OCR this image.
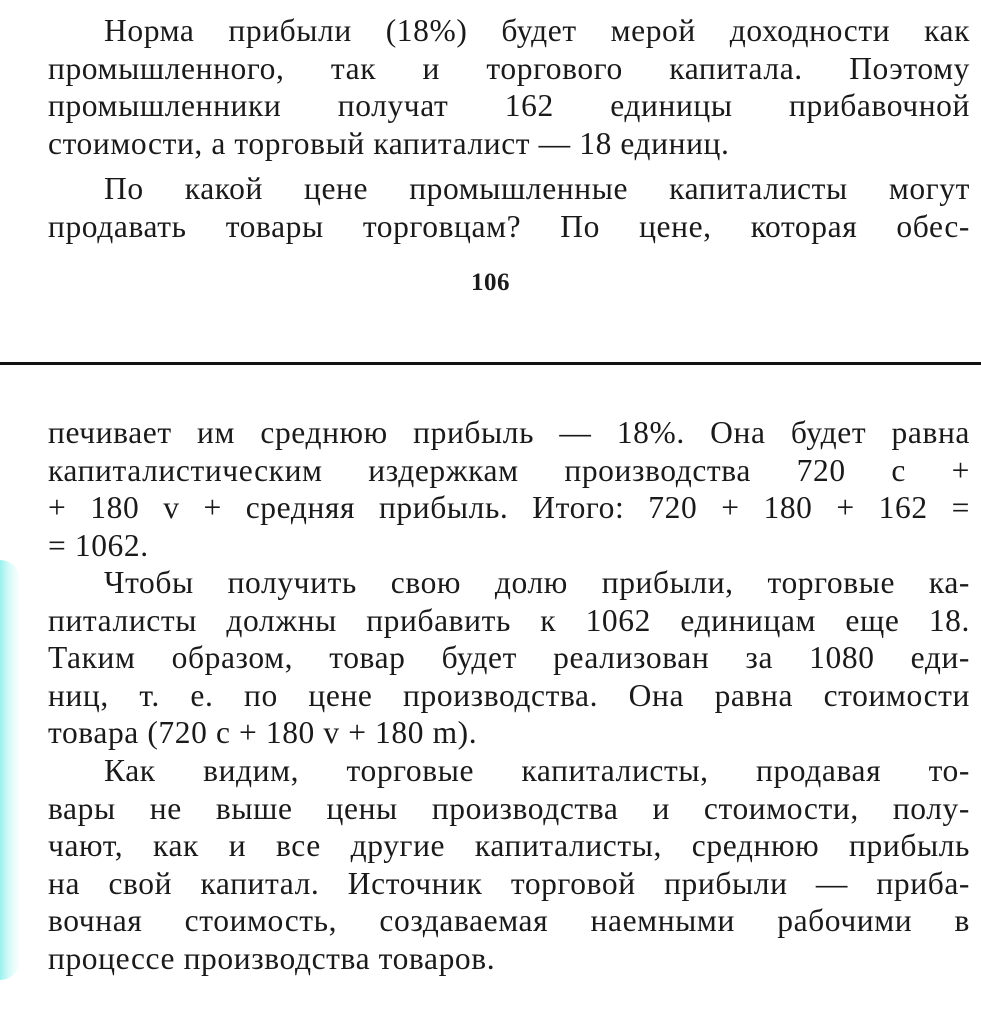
Норма прибыли (18%) будет мерой доходности как
промышленного, так и торгового капитала. Поэтому
промышленники получат 162 единицы прибавочной
стоимости, а торговый капиталист — 18 единиц.
По какой цене промышленные капиталисты могут
продавать товары торговцам? По цене, которая обес-
106
печивает им среднюю прибыль — 18%. Она будет равна
капиталистическим издержкам производства 720 c +
+ 180 v + средняя прибыль. Итого: 720 + 180 + 162 =
= 1062.
Чтобы получить свою долю прибыли, торговые ка-
питалисты должны прибавить к 1062 единицам еще 18.
Таким образом, товар будет реализован за 1080 еди-
ниц, т. е. по цене производства. Она равна стоимости
товара (720 c + 180 v + 180 m).
Как видим, торговые капиталисты, продавая то-
вары не выше цены производства и стоимости, полу-
чают, как и все другие капиталисты, среднюю прибыль
на свой капитал. Источник торговой прибыли — приба-
вочная стоимость, создаваемая наемными рабочими в
процессе производства товаров.
